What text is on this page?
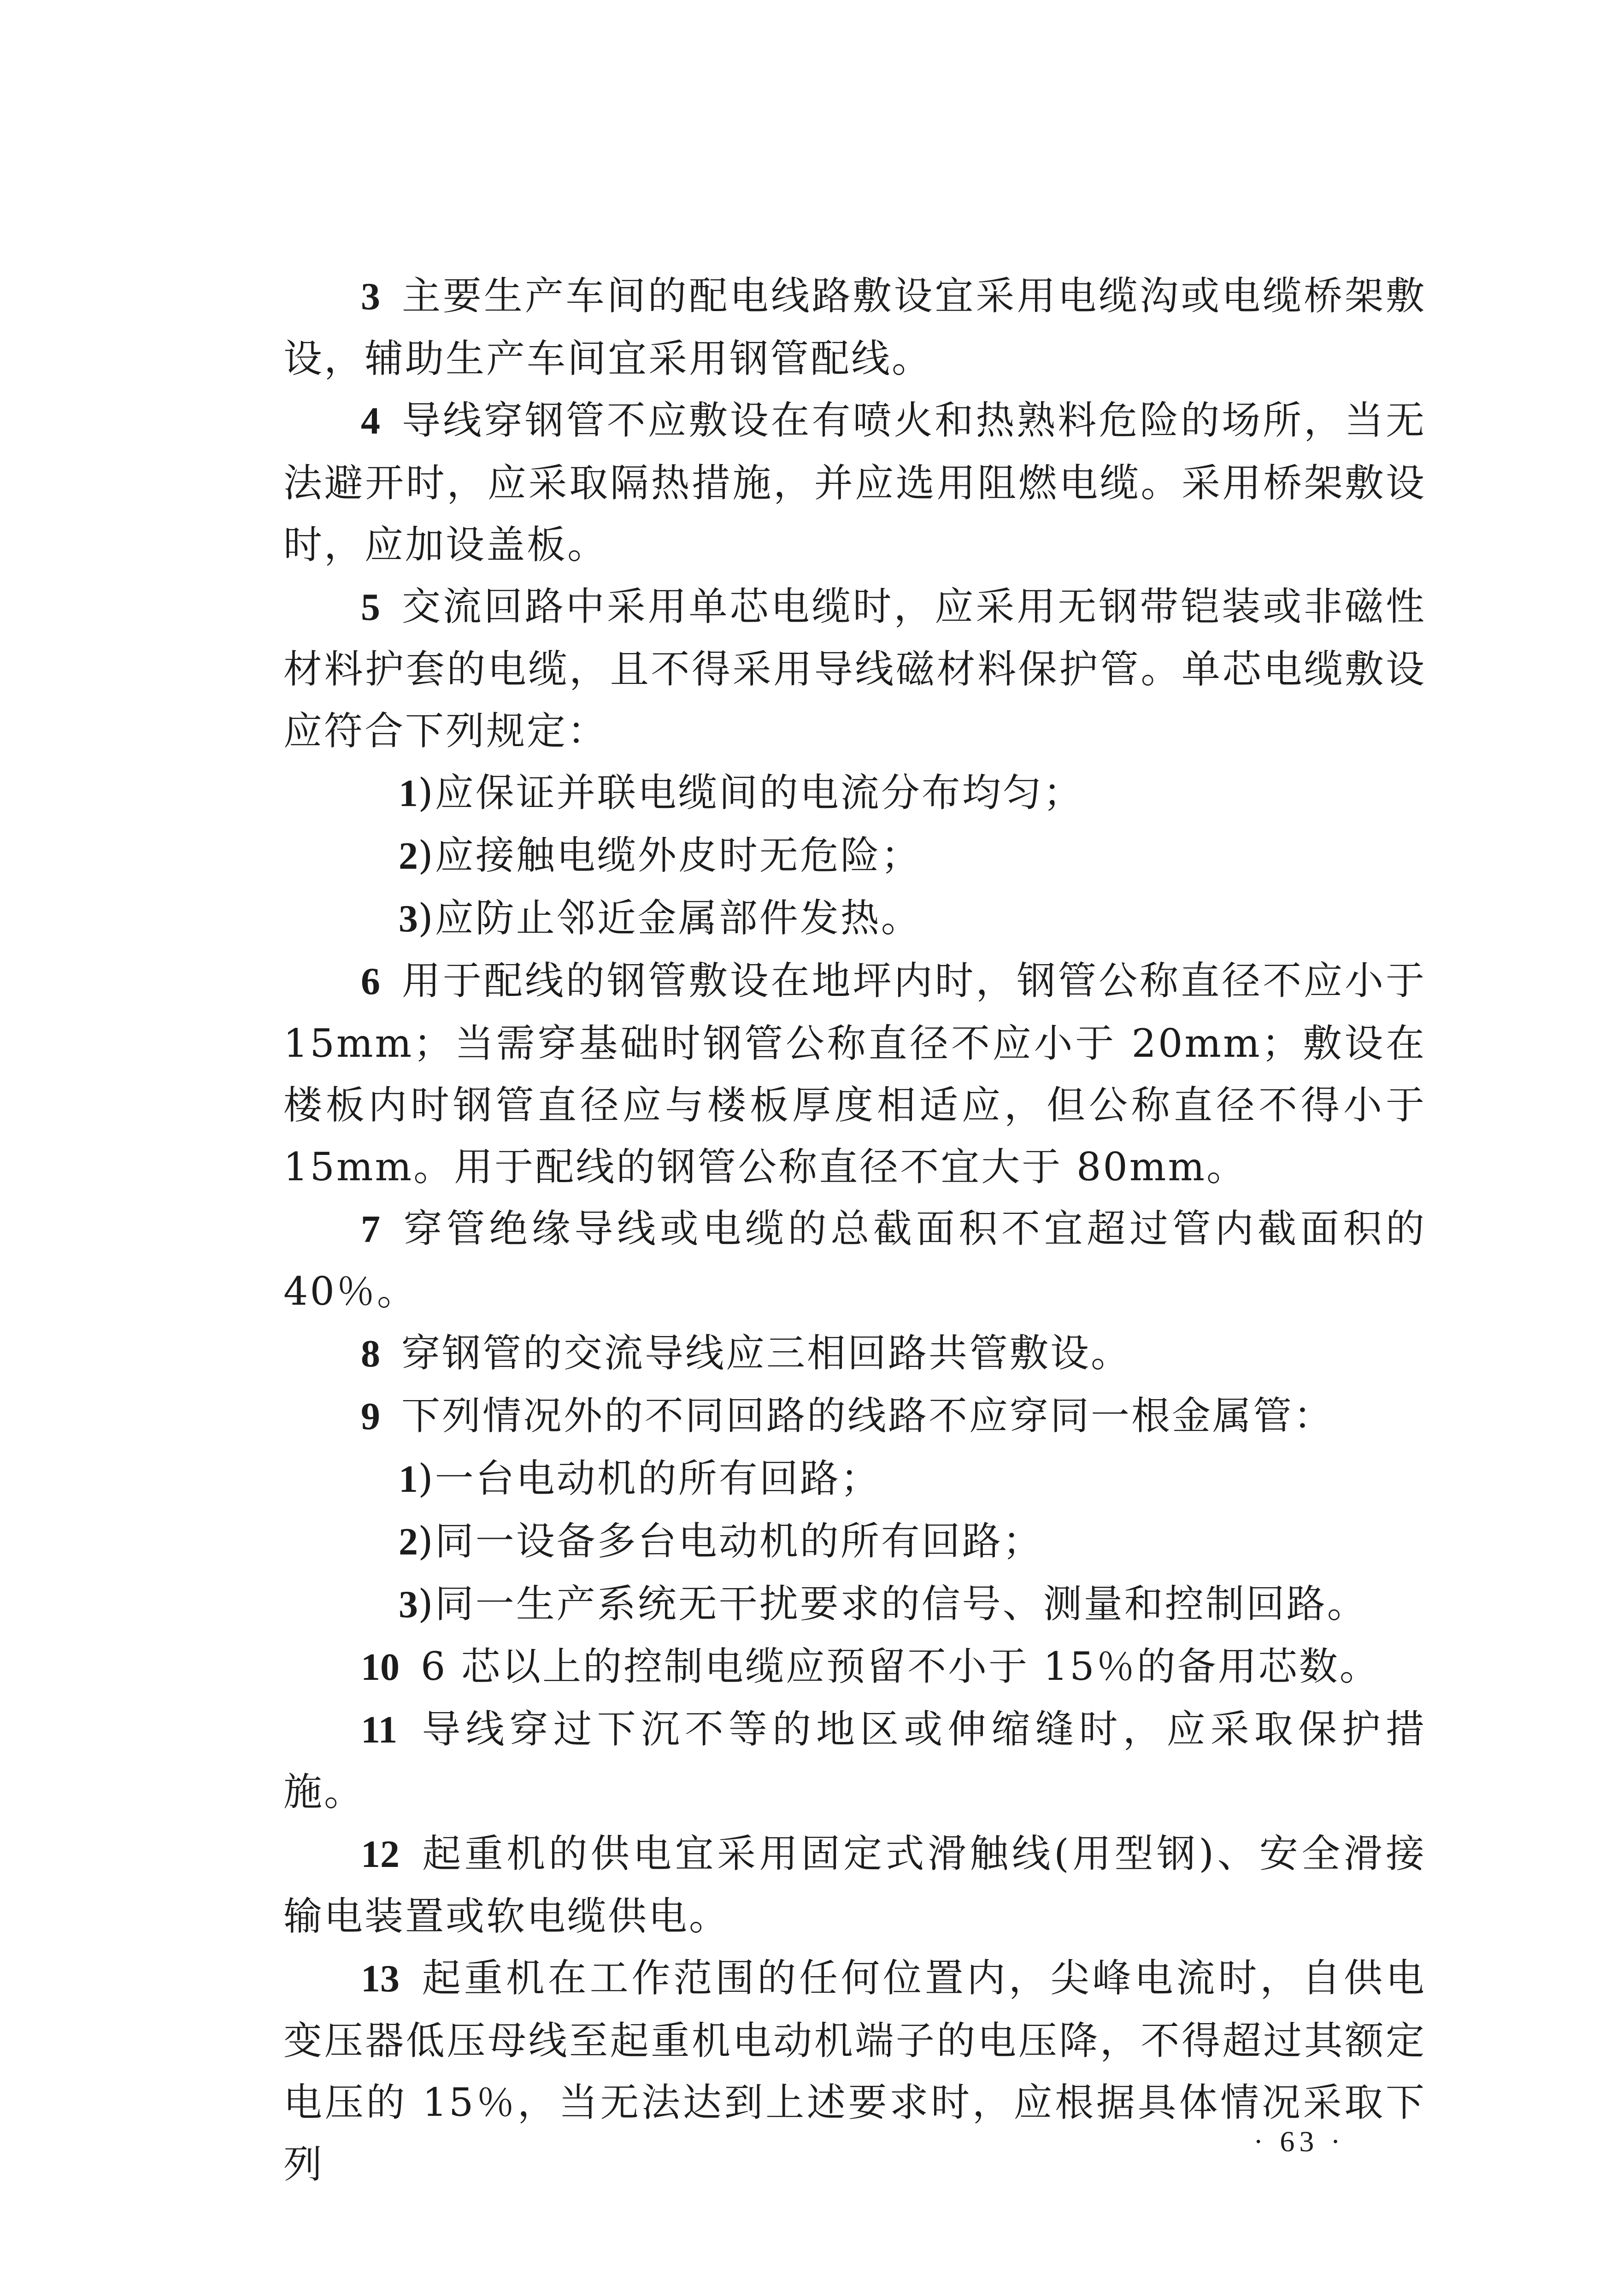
3 主要生产车间的配电线路敷设宜采用电缆沟或电缆桥架敷设，辅助生产车间宜采用钢管配线。

4 导线穿钢管不应敷设在有喷火和热熟料危险的场所，当无法避开时，应采取隔热措施，并应选用阻燃电缆。采用桥架敷设时，应加设盖板。

5 交流回路中采用单芯电缆时，应采用无钢带铠装或非磁性材料护套的电缆，且不得采用导线磁材料保护管。单芯电缆敷设应符合下列规定：

1)应保证并联电缆间的电流分布均匀；

2)应接触电缆外皮时无危险；

3)应防止邻近金属部件发热。

6 用于配线的钢管敷设在地坪内时，钢管公称直径不应小于15mm；当需穿基础时钢管公称直径不应小于 20mm；敷设在楼板内时钢管直径应与楼板厚度相适应，但公称直径不得小于 15mm。用于配线的钢管公称直径不宜大于 80mm。

7 穿管绝缘导线或电缆的总截面积不宜超过管内截面积的 40％。

8 穿钢管的交流导线应三相回路共管敷设。

9 下列情况外的不同回路的线路不应穿同一根金属管：

1)一台电动机的所有回路；

2)同一设备多台电动机的所有回路；

3)同一生产系统无干扰要求的信号、测量和控制回路。

10 6 芯以上的控制电缆应预留不小于 15％的备用芯数。

11 导线穿过下沉不等的地区或伸缩缝时，应采取保护措施。

12 起重机的供电宜采用固定式滑触线(用型钢)、安全滑接输电装置或软电缆供电。

13 起重机在工作范围的任何位置内，尖峰电流时，自供电变压器低压母线至起重机电动机端子的电压降，不得超过其额定电压的 15％，当无法达到上述要求时，应根据具体情况采取下列

· 63 ·
